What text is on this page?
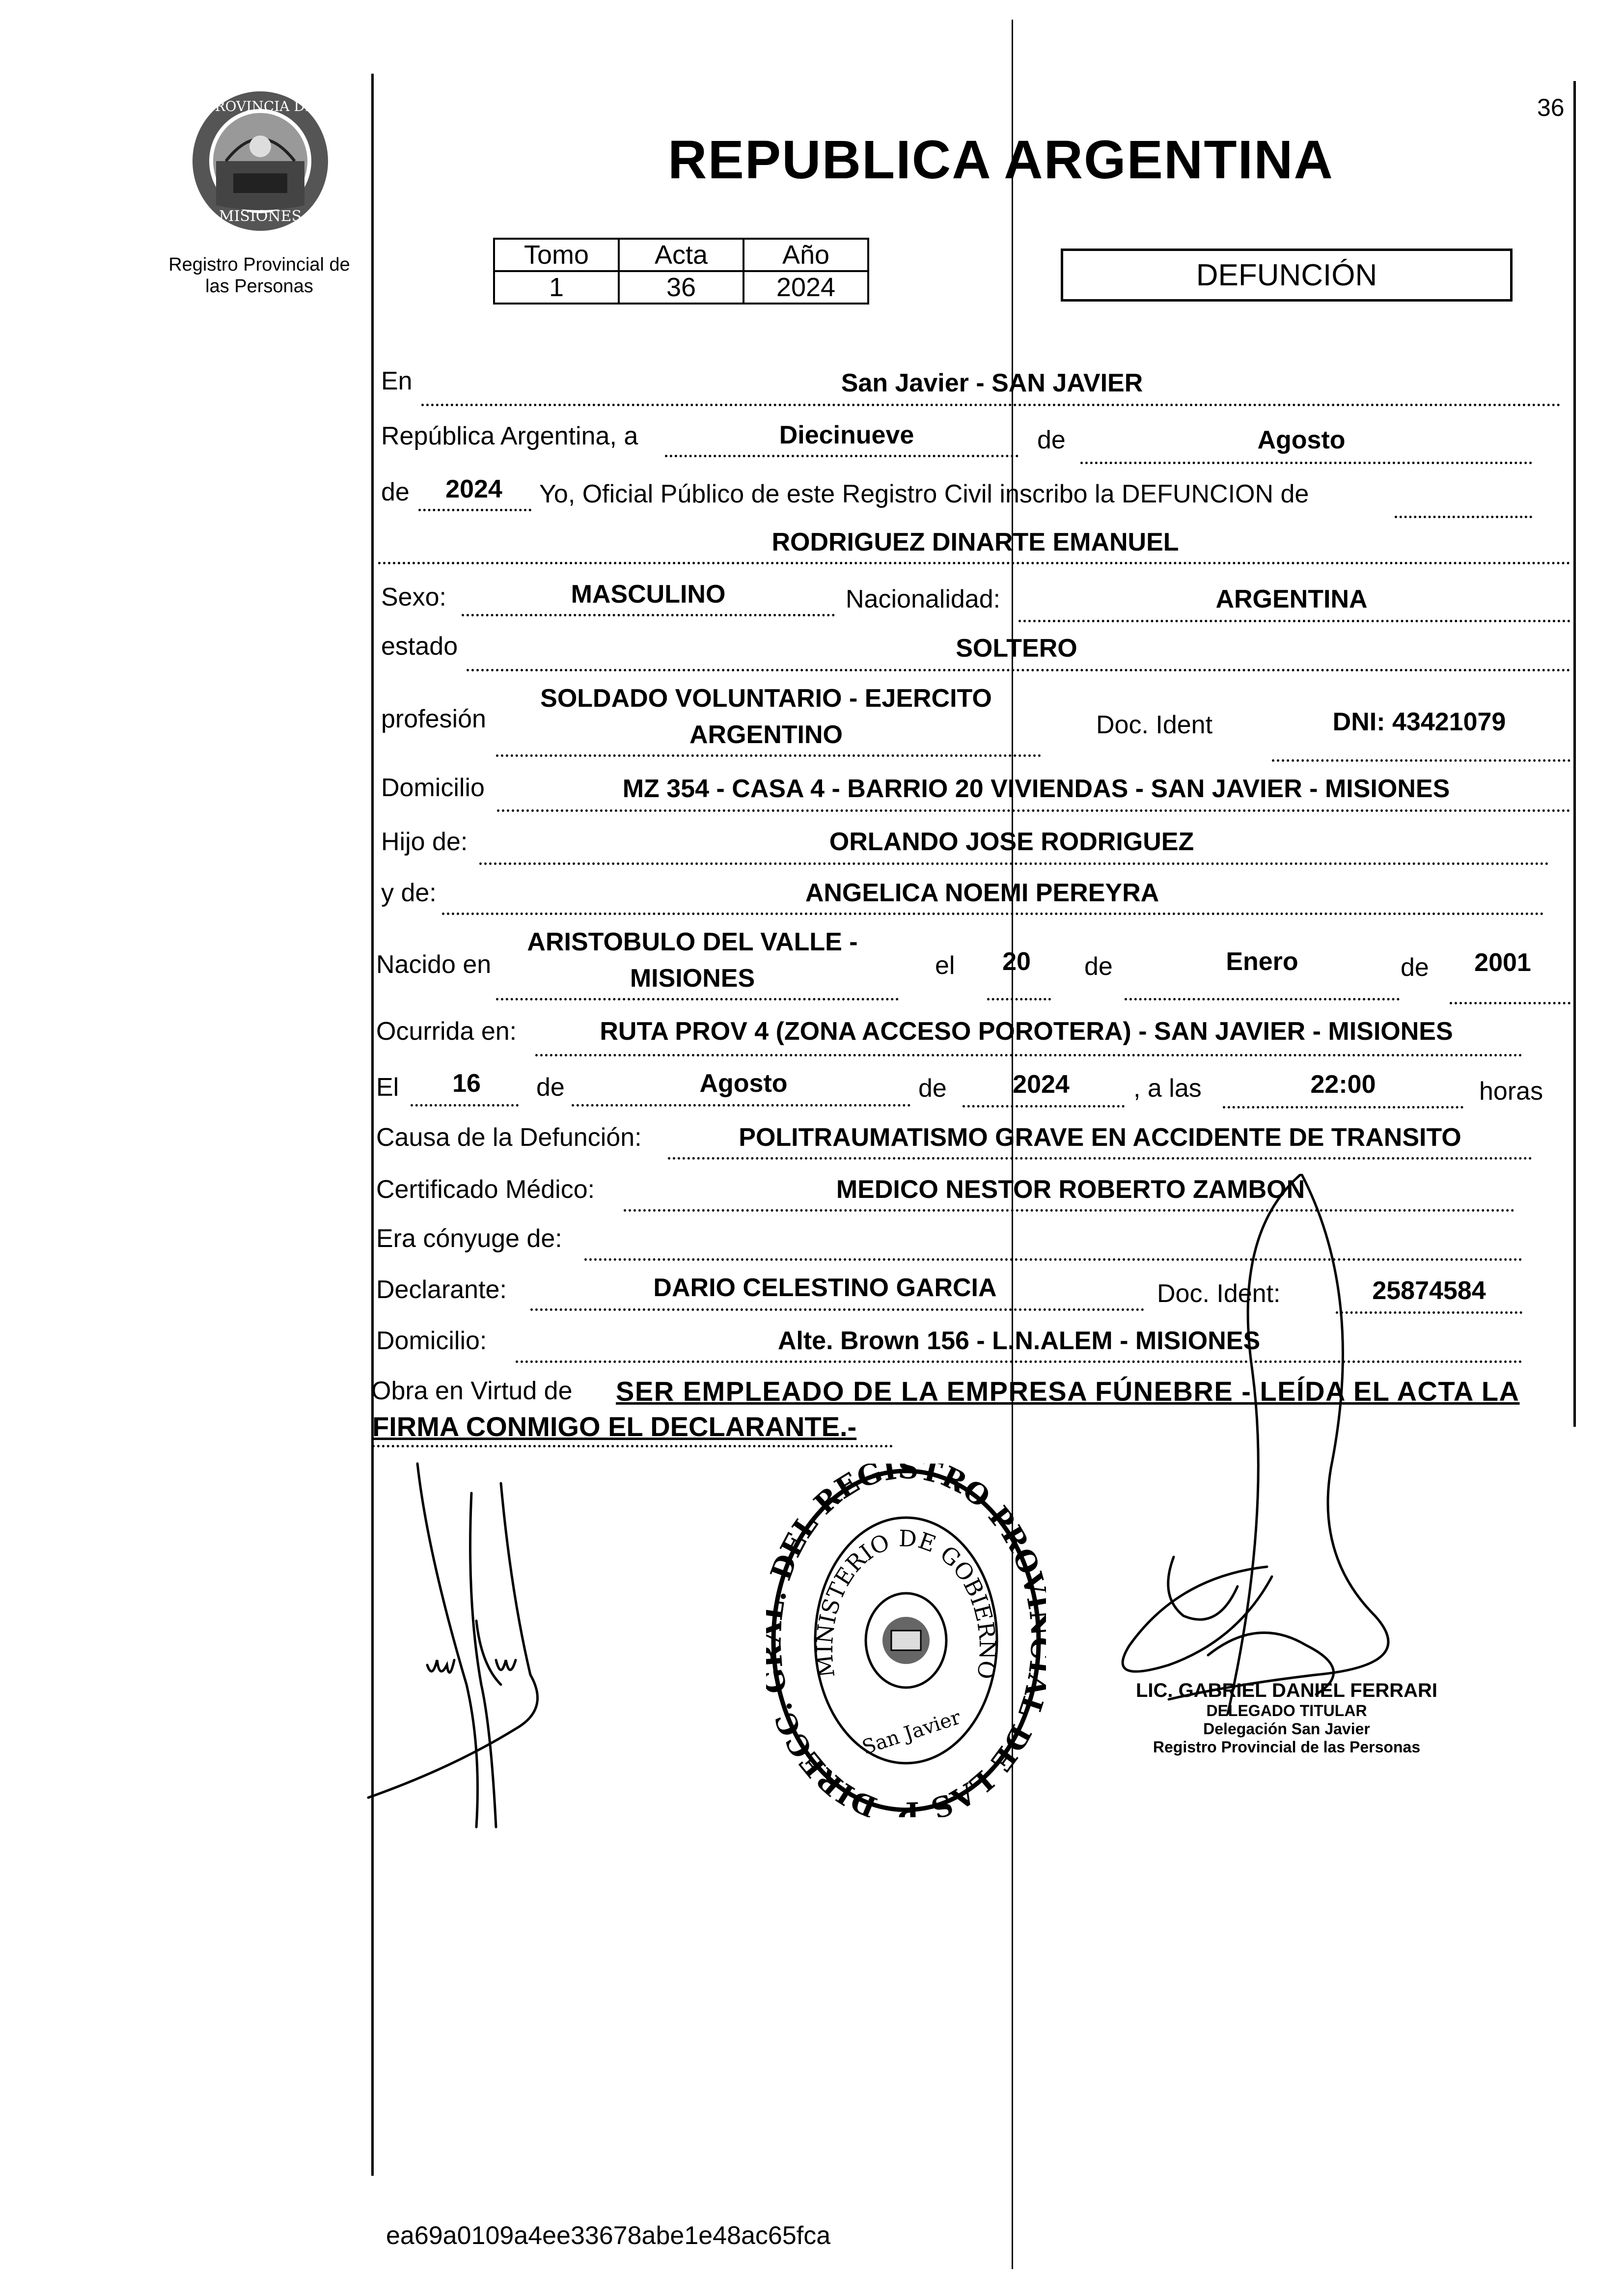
36
PROVINCIA DE
MISIONES
Registro Provincial de
las Personas
REPUBLICA ARGENTINA
Tomo	Acta	Año
1	36	2024	DEFUNCIÓN
En	San Javier - SAN JAVIER
República Argentina, a	Diecinueve	de	Agosto
de	2024	Yo, Oficial Público de este Registro Civil inscribo la DEFUNCION de
RODRIGUEZ DINARTE EMANUEL
Sexo:	MASCULINO	Nacionalidad:	ARGENTINA
estado	SOLTERO
profesión
SOLDADO VOLUNTARIO - EJERCITO
ARGENTINO	Doc. Ident	DNI: 43421079
Domicilio	MZ 354 - CASA 4 - BARRIO 20 VIVIENDAS - SAN JAVIER - MISIONES
Hijo de:	ORLANDO JOSE RODRIGUEZ
y de:	ANGELICA NOEMI PEREYRA
Nacido en
ARISTOBULO DEL VALLE -
MISIONES	el	20	de	Enero	de	2001
Ocurrida en:	RUTA PROV 4 (ZONA ACCESO POROTERA) - SAN JAVIER - MISIONES
El	16	de	Agosto	de	2024	, a las	22:00	horas
Causa de la Defunción:	POLITRAUMATISMO GRAVE EN ACCIDENTE DE TRANSITO
Certificado Médico:	MEDICO NESTOR ROBERTO ZAMBON
Era cónyuge de:
Declarante:	DARIO CELESTINO GARCIA	Doc. Ident:	25874584
Domicilio:	Alte. Brown 156 - L.N.ALEM - MISIONES
Obra en Virtud de SER EMPLEADO DE LA EMPRESA FÚNEBRE - LEÍDA EL ACTA LA
FIRMA CONMIGO EL DECLARANTE.-
DIRECC. DEL REGISTRO PRO L DE LAS P
MINISTERIO DE GOBIERNO
San Javier
LIC. GABRIEL DANIEL FERRARI
DELEGADO TITULAR
Delegación San Javier
Registro Provincial de las Personas
ea69a0109a4ee33678abe1e48ac65fca
